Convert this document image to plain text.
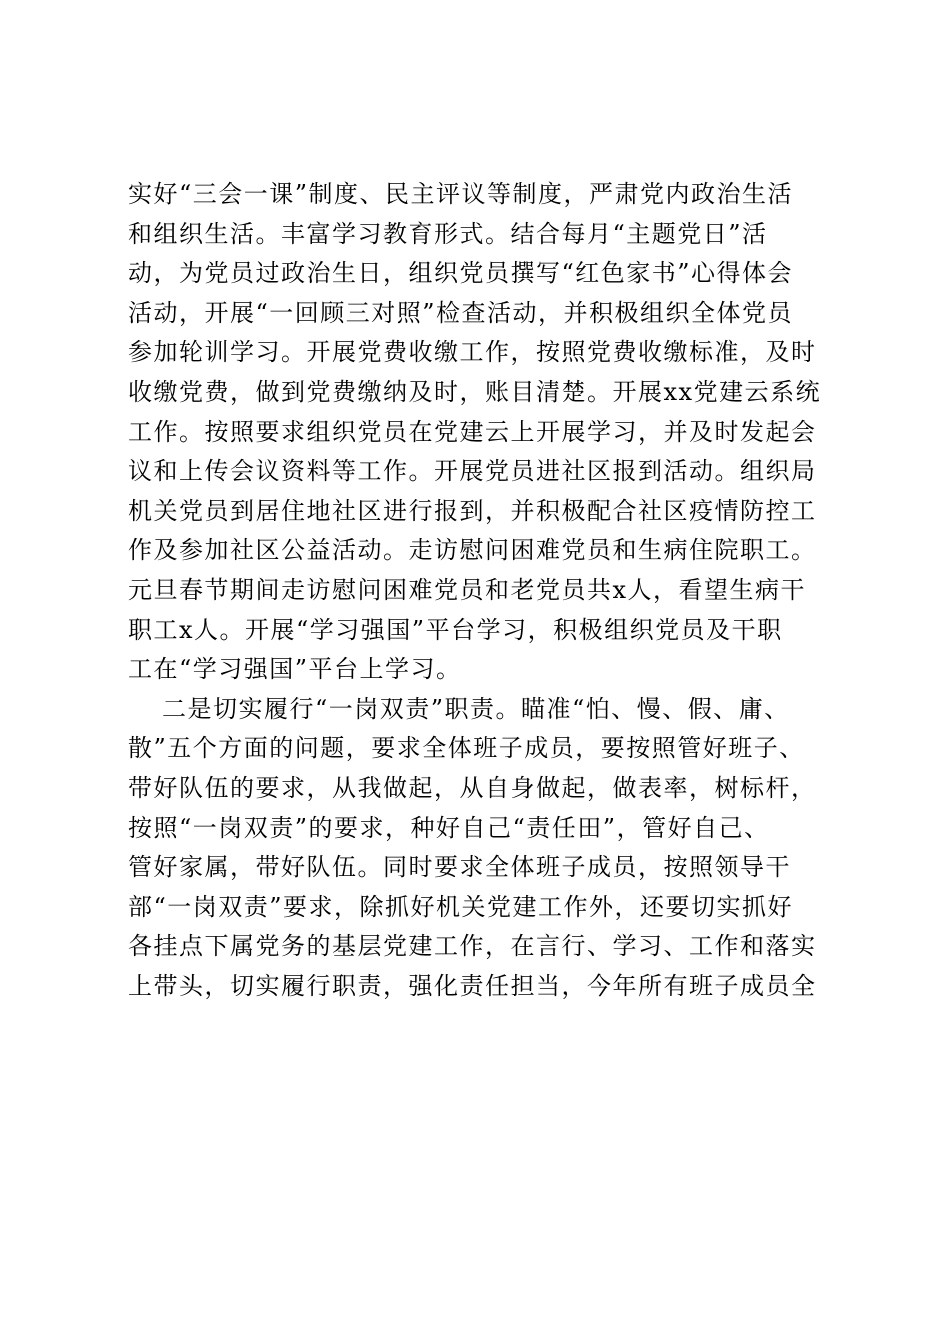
实好“三会一课”制度、民主评议等制度，严肃党内政治生活
和组织生活。丰富学习教育形式。结合每月“主题党日”活
动，为党员过政治生日，组织党员撰写“红色家书”心得体会
活动，开展“一回顾三对照”检查活动，并积极组织全体党员
参加轮训学习。开展党费收缴工作，按照党费收缴标准，及时
收缴党费，做到党费缴纳及时，账目清楚。开展xx党建云系统
工作。按照要求组织党员在党建云上开展学习，并及时发起会
议和上传会议资料等工作。开展党员进社区报到活动。组织局
机关党员到居住地社区进行报到，并积极配合社区疫情防控工
作及参加社区公益活动。走访慰问困难党员和生病住院职工。
元旦春节期间走访慰问困难党员和老党员共x人，看望生病干
职工x人。开展“学习强国”平台学习，积极组织党员及干职
工在“学习强国”平台上学习。
二是切实履行“一岗双责”职责。瞄准“怕、慢、假、庸、
散”五个方面的问题，要求全体班子成员，要按照管好班子、
带好队伍的要求，从我做起，从自身做起，做表率，树标杆，
按照“一岗双责”的要求，种好自己“责任田”，管好自己、
管好家属，带好队伍。同时要求全体班子成员，按照领导干
部“一岗双责”要求，除抓好机关党建工作外，还要切实抓好
各挂点下属党务的基层党建工作，在言行、学习、工作和落实
上带头，切实履行职责，强化责任担当，今年所有班子成员全
